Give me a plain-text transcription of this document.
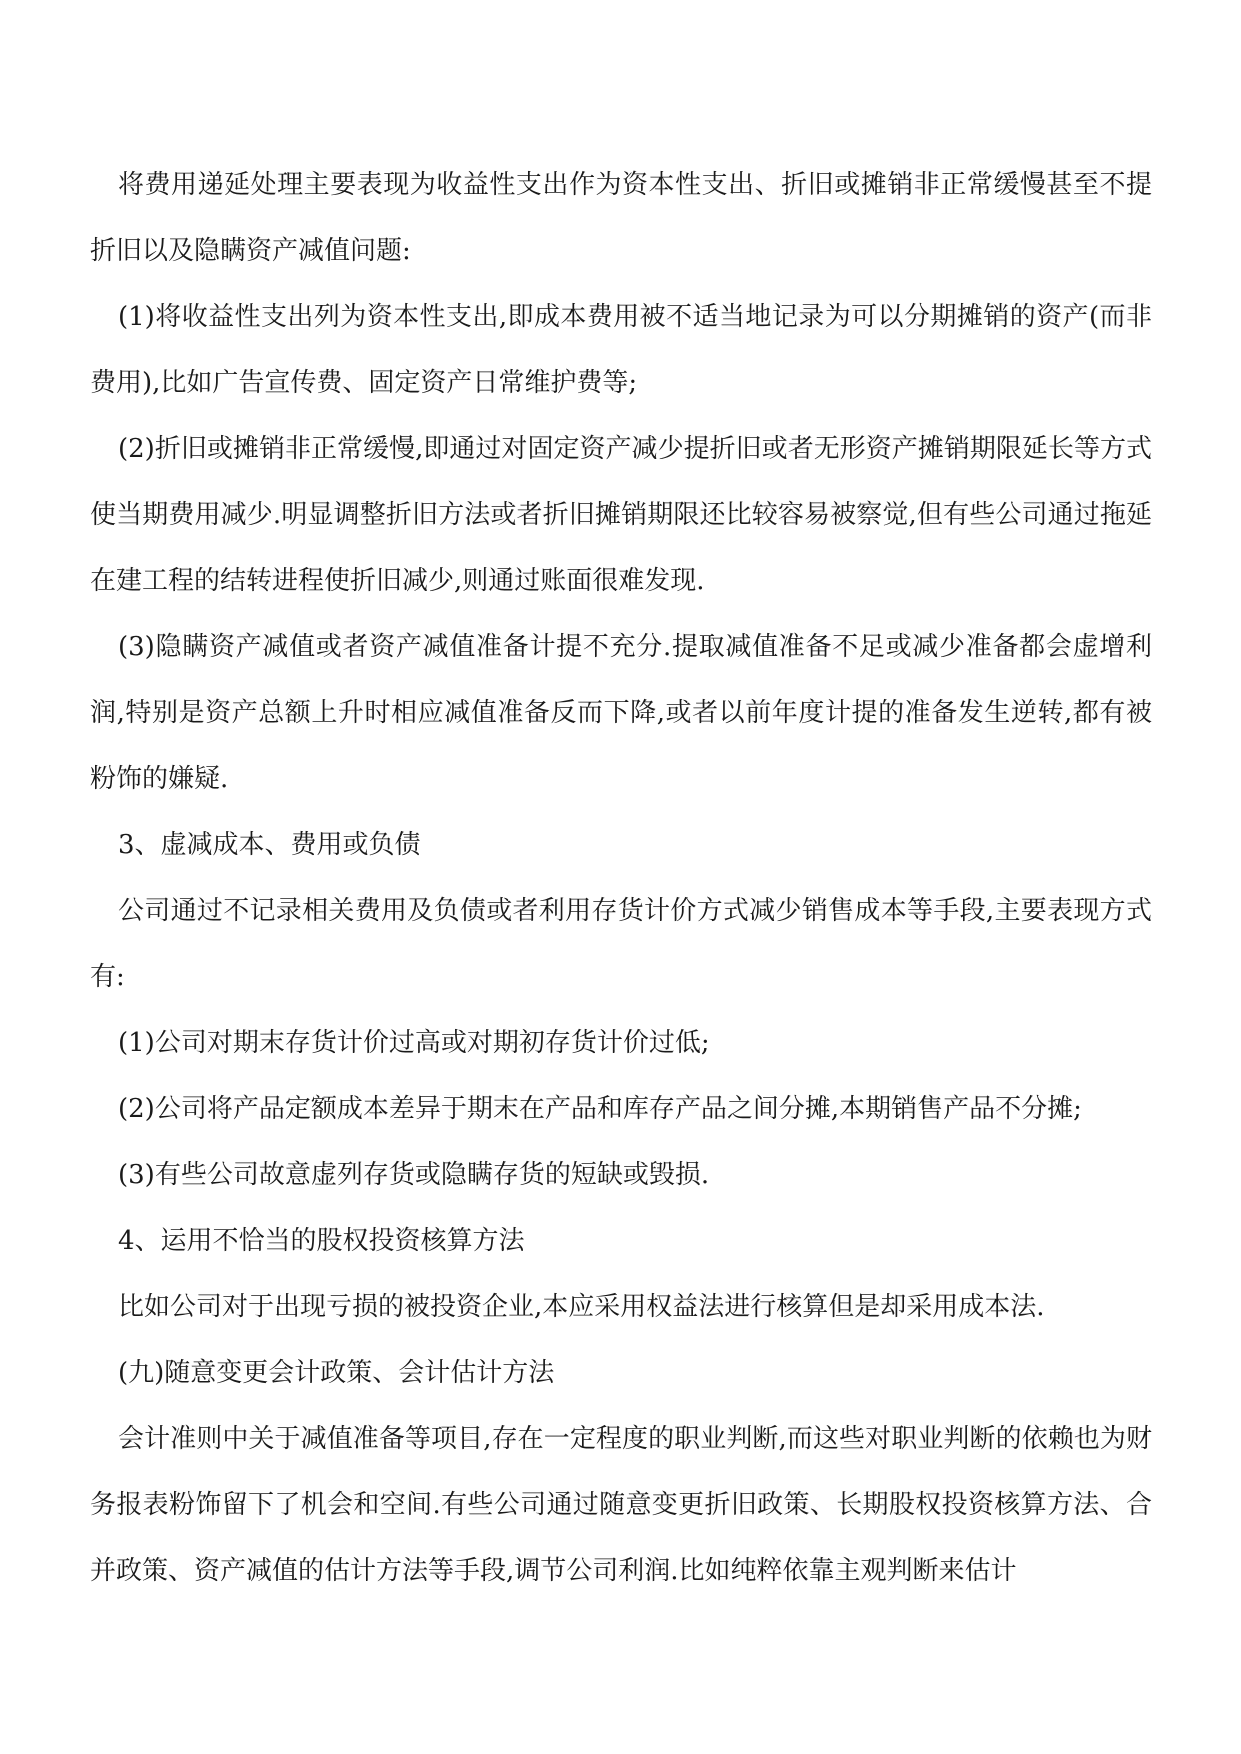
将费用递延处理主要表现为收益性支出作为资本性支出、折旧或摊销非正常缓慢甚至不提折旧以及隐瞒资产减值问题:

(1)将收益性支出列为资本性支出,即成本费用被不适当地记录为可以分期摊销的资产(而非费用),比如广告宣传费、固定资产日常维护费等;

(2)折旧或摊销非正常缓慢,即通过对固定资产减少提折旧或者无形资产摊销期限延长等方式使当期费用减少.明显调整折旧方法或者折旧摊销期限还比较容易被察觉,但有些公司通过拖延在建工程的结转进程使折旧减少,则通过账面很难发现.

(3)隐瞒资产减值或者资产减值准备计提不充分.提取减值准备不足或减少准备都会虚增利润,特别是资产总额上升时相应减值准备反而下降,或者以前年度计提的准备发生逆转,都有被粉饰的嫌疑.

3、虚减成本、费用或负债

公司通过不记录相关费用及负债或者利用存货计价方式减少销售成本等手段,主要表现方式有:

(1)公司对期末存货计价过高或对期初存货计价过低;

(2)公司将产品定额成本差异于期末在产品和库存产品之间分摊,本期销售产品不分摊;

(3)有些公司故意虚列存货或隐瞒存货的短缺或毁损.

4、运用不恰当的股权投资核算方法

比如公司对于出现亏损的被投资企业,本应采用权益法进行核算但是却采用成本法.

(九)随意变更会计政策、会计估计方法

会计准则中关于减值准备等项目,存在一定程度的职业判断,而这些对职业判断的依赖也为财务报表粉饰留下了机会和空间.有些公司通过随意变更折旧政策、长期股权投资核算方法、合并政策、资产减值的估计方法等手段,调节公司利润.比如纯粹依靠主观判断来估计
